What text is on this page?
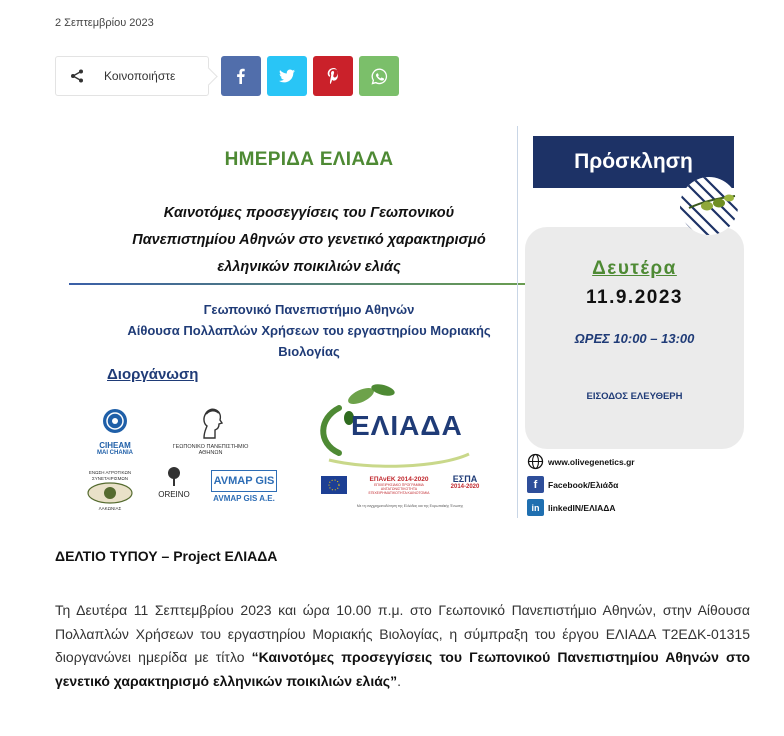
2 Σεπτεμβρίου 2023
Κοινοποιήστε
ΗΜΕΡΙΔΑ ΕΛΙΑΔΑ
Καινοτόμες προσεγγίσεις του Γεωπονικού
Πανεπιστημίου Αθηνών στο γενετικό χαρακτηρισμό
ελληνικών ποικιλιών ελιάς
Γεωπονικό Πανεπιστήμιο Αθηνών
Αίθουσα Πολλαπλών Χρήσεων του εργαστηρίου Μοριακής
Βιολογίας
Διοργάνωση
CIHEAM
MAI CHANIA
ΓΕΩΠΟΝΙΚΟ ΠΑΝΕΠΙΣΤΗΜΙΟ ΑΘΗΝΩΝ
ΕΝΩΣΗ ΑΓΡΟΤΙΚΩΝ ΣΥΝΕΤΑΙΡΙΣΜΩΝ
ΛΑΚΩΝΙΑΣ
OREINO
AVMAP GIS
AVMAP GIS A.E.
ΕΛΙΑΔΑ
ΕΠΑνΕΚ 2014-2020
ΕΠΙΧΕΙΡΗΣΙΑΚΟ ΠΡΟΓΡΑΜΜΑ ΑΝΤΑΓΩΝΙΣΤΙΚΟΤΗΤΑ ΕΠΙΧΕΙΡΗΜΑΤΙΚΟΤΗΤΑ ΚΑΙΝΟΤΟΜΙΑ
ΕΣΠΑ
2014-2020
Με τη συγχρηματοδότηση της Ελλάδας και της Ευρωπαϊκής Ένωσης
Δευτέρα
11.9.2023
ΩΡΕΣ 10:00 – 13:00
ΕΙΣΟΔΟΣ ΕΛΕΥΘΕΡΗ
Πρόσκληση
www.olivegenetics.gr
f	Facebook/Ελιάδα
in	linkedIN/ΕΛΙΑΔΑ
ΔΕΛΤΙΟ ΤΥΠΟΥ – Project ΕΛΙΑΔΑ

Τη Δευτέρα 11 Σεπτεμβρίου 2023 και ώρα 10.00 π.μ. στο Γεωπονικό Πανεπιστήμιο Αθηνών, στην Αίθουσα Πολλαπλών Χρήσεων του εργαστηρίου Μοριακής Βιολογίας, η σύμπραξη του έργου ΕΛΙΑΔΑ Τ2ΕΔΚ-01315 διοργανώνει ημερίδα με τίτλο “Καινοτόμες προσεγγίσεις του Γεωπονικού Πανεπιστημίου Αθηνών στο γενετικό χαρακτηρισμό ελληνικών ποικιλιών ελιάς”.
